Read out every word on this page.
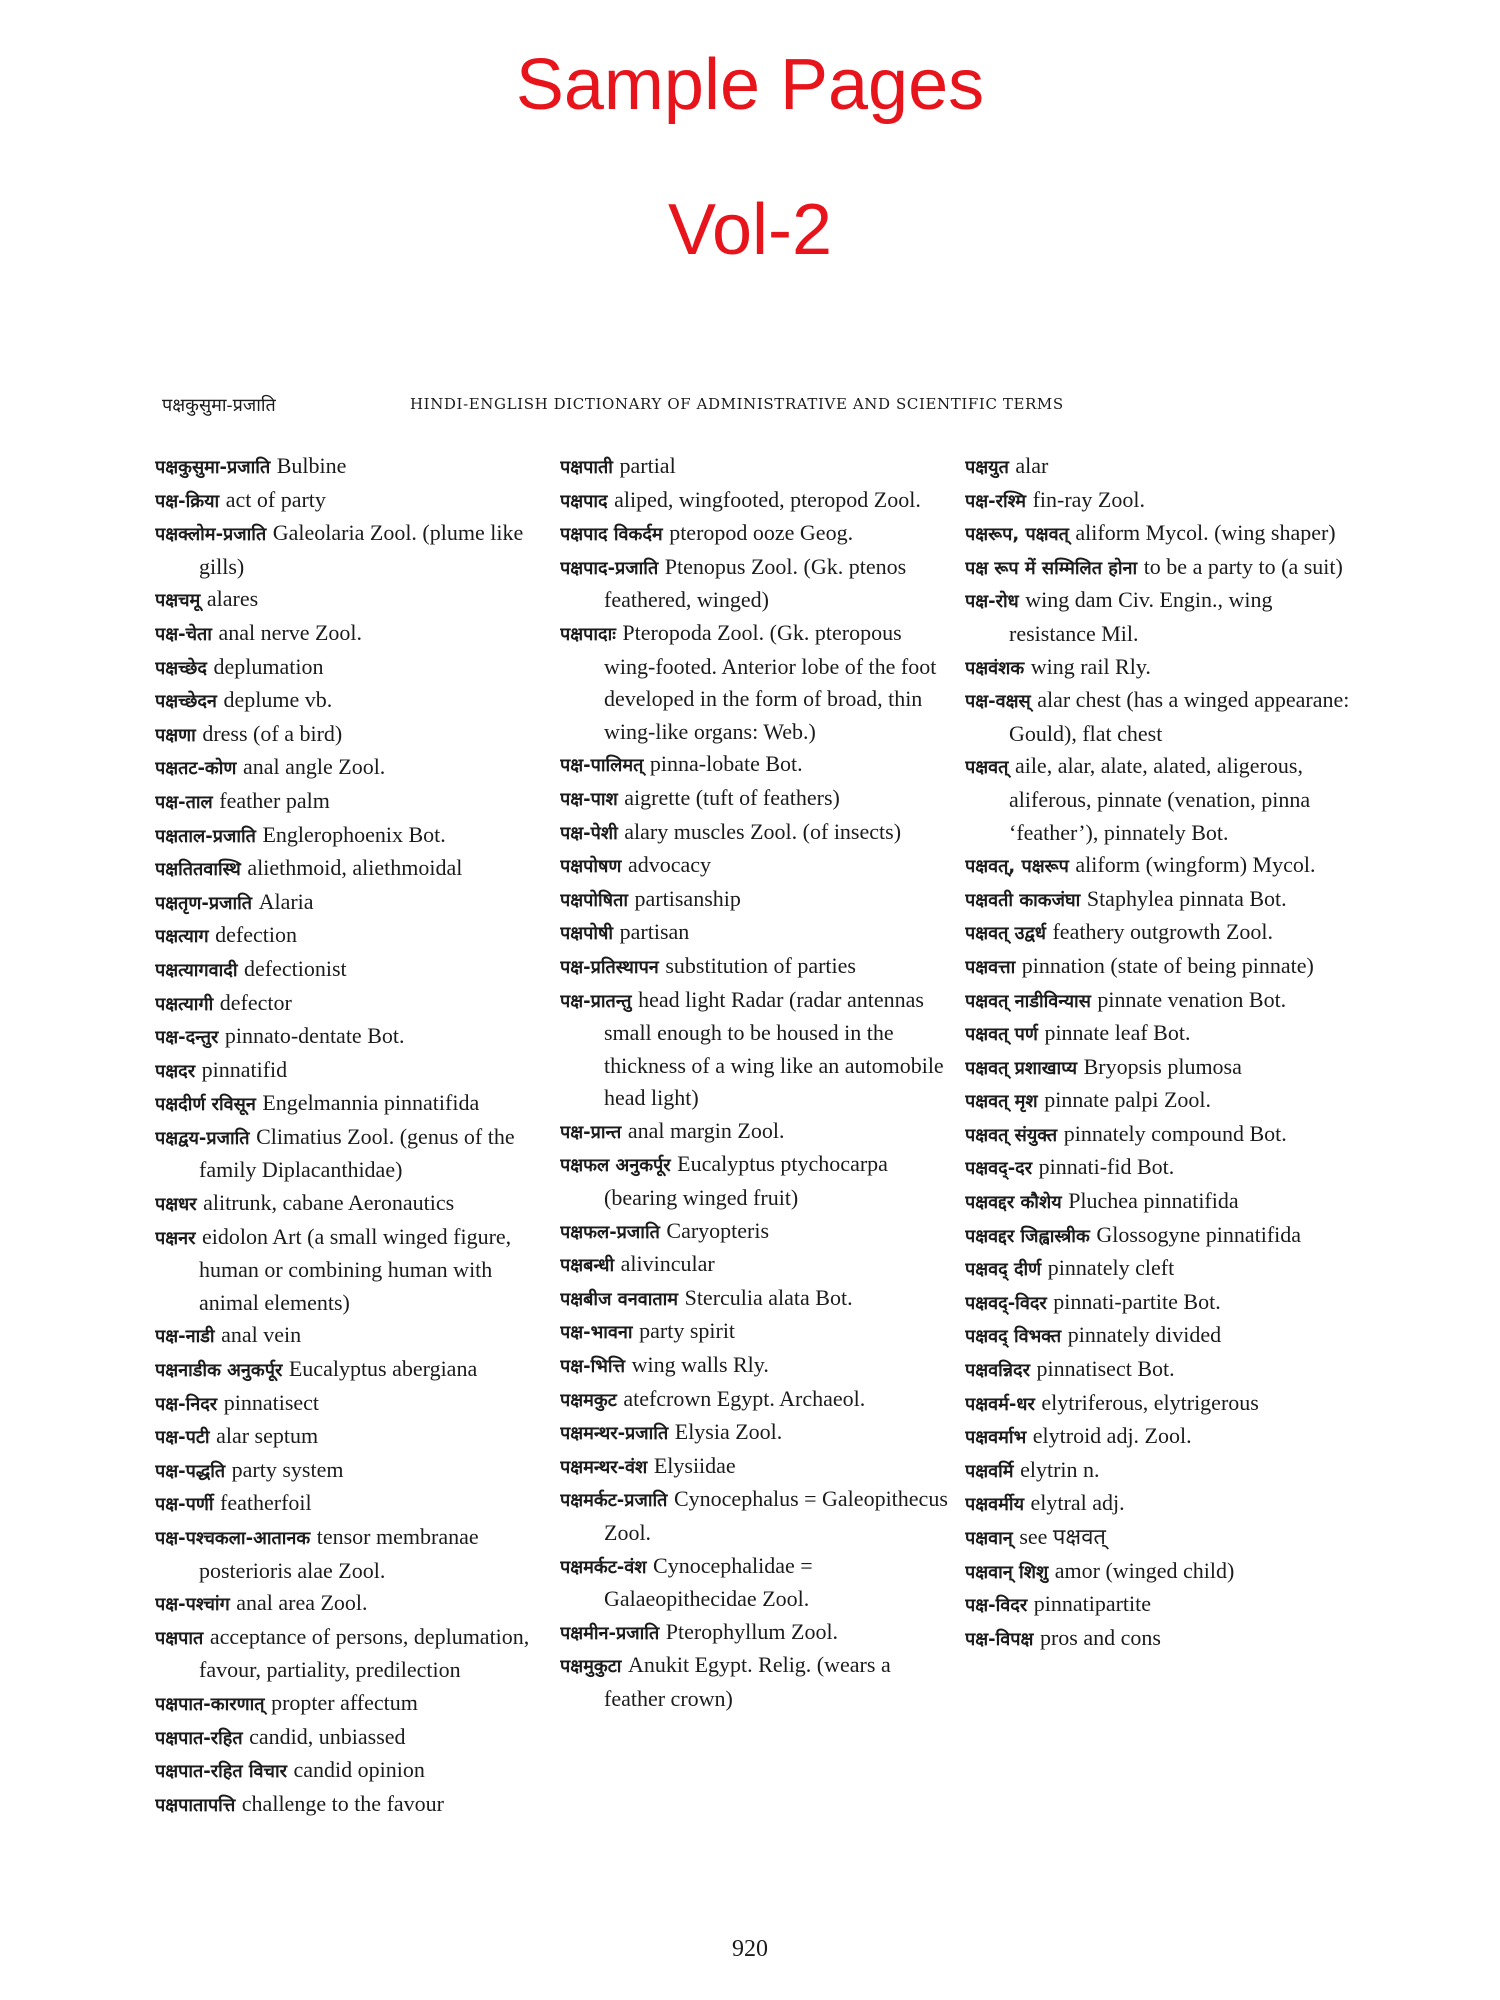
Sample Pages
Vol-2
पक्षकुसुमा-प्रजाति	HINDI-ENGLISH DICTIONARY OF ADMINISTRATIVE AND SCIENTIFIC TERMS
पक्षकुसुमा-प्रजाति Bulbine
पक्ष-क्रिया act of party
पक्षक्लोम-प्रजाति Galeolaria Zool. (plume like gills)
पक्षचमू alares
पक्ष-चेता anal nerve Zool.
पक्षच्छेद deplumation
पक्षच्छेदन deplume vb.
पक्षणा dress (of a bird)
पक्षतट-कोण anal angle Zool.
पक्ष-ताल feather palm
पक्षताल-प्रजाति Englerophoenix Bot.
पक्षतितवास्थि aliethmoid, aliethmoidal
पक्षतृण-प्रजाति Alaria
पक्षत्याग defection
पक्षत्यागवादी defectionist
पक्षत्यागी defector
पक्ष-दन्तुर pinnato-dentate Bot.
पक्षदर pinnatifid
पक्षदीर्ण रविसून Engelmannia pinnatifida
पक्षद्वय-प्रजाति Climatius Zool. (genus of the family Diplacanthidae)
पक्षधर alitrunk, cabane Aeronautics
पक्षनर eidolon Art (a small winged figure, human or combining human with animal elements)
पक्ष-नाडी anal vein
पक्षनाडीक अनुकर्पूर Eucalyptus abergiana
पक्ष-निदर pinnatisect
पक्ष-पटी alar septum
पक्ष-पद्धति party system
पक्ष-पर्णी featherfoil
पक्ष-पश्चकला-आतानक tensor membranae posterioris alae Zool.
पक्ष-पश्चांग anal area Zool.
पक्षपात acceptance of persons, deplumation, favour, partiality, predilection
पक्षपात-कारणात् propter affectum
पक्षपात-रहित candid, unbiassed
पक्षपात-रहित विचार candid opinion
पक्षपातापत्ति challenge to the favour
पक्षपाती partial
पक्षपाद aliped, wingfooted, pteropod Zool.
पक्षपाद विकर्दम pteropod ooze Geog.
पक्षपाद-प्रजाति Ptenopus Zool. (Gk. ptenos feathered, winged)
पक्षपादाः Pteropoda Zool. (Gk. pteropous wing-footed. Anterior lobe of the foot developed in the form of broad, thin wing-like organs: Web.)
पक्ष-पालिमत् pinna-lobate Bot.
पक्ष-पाश aigrette (tuft of feathers)
पक्ष-पेशी alary muscles Zool. (of insects)
पक्षपोषण advocacy
पक्षपोषिता partisanship
पक्षपोषी partisan
पक्ष-प्रतिस्थापन substitution of parties
पक्ष-प्रातन्तु head light Radar (radar antennas small enough to be housed in the thickness of a wing like an automobile head light)
पक्ष-प्रान्त anal margin Zool.
पक्षफल अनुकर्पूर Eucalyptus ptychocarpa (bearing winged fruit)
पक्षफल-प्रजाति Caryopteris
पक्षबन्धी alivincular
पक्षबीज वनवाताम Sterculia alata Bot.
पक्ष-भावना party spirit
पक्ष-भित्ति wing walls Rly.
पक्षमकुट atefcrown Egypt. Archaeol.
पक्षमन्थर-प्रजाति Elysia Zool.
पक्षमन्थर-वंश Elysiidae
पक्षमर्कट-प्रजाति Cynocephalus = Galeopithecus Zool.
पक्षमर्कट-वंश Cynocephalidae = Galaeopithecidae Zool.
पक्षमीन-प्रजाति Pterophyllum Zool.
पक्षमुकुटा Anukit Egypt. Relig. (wears a feather crown)
पक्षयुत alar
पक्ष-रश्मि fin-ray Zool.
पक्षरूप, पक्षवत् aliform Mycol. (wing shaper)
पक्ष रूप में सम्मिलित होना to be a party to (a suit)
पक्ष-रोध wing dam Civ. Engin., wing resistance Mil.
पक्षवंशक wing rail Rly.
पक्ष-वक्षस् alar chest (has a winged appearane: Gould), flat chest
पक्षवत् aile, alar, alate, alated, aligerous, aliferous, pinnate (venation, pinna ‘feather’), pinnately Bot.
पक्षवत्, पक्षरूप aliform (wingform) Mycol.
पक्षवती काकजंघा Staphylea pinnata Bot.
पक्षवत् उद्वर्ध feathery outgrowth Zool.
पक्षवत्ता pinnation (state of being pinnate)
पक्षवत् नाडीविन्यास pinnate venation Bot.
पक्षवत् पर्ण pinnate leaf Bot.
पक्षवत् प्रशाखाप्य Bryopsis plumosa
पक्षवत् मृश pinnate palpi Zool.
पक्षवत् संयुक्त pinnately compound Bot.
पक्षवद्-दर pinnati-fid Bot.
पक्षवद्दर कौशेय Pluchea pinnatifida
पक्षवद्दर जिह्वास्त्रीक Glossogyne pinnatifida
पक्षवद् दीर्ण pinnately cleft
पक्षवद्-विदर pinnati-partite Bot.
पक्षवद् विभक्त pinnately divided
पक्षवन्निदर pinnatisect Bot.
पक्षवर्म-धर elytriferous, elytrigerous
पक्षवर्माभ elytroid adj. Zool.
पक्षवर्मि elytrin n.
पक्षवर्मीय elytral adj.
पक्षवान् see पक्षवत्
पक्षवान् शिशु amor (winged child)
पक्ष-विदर pinnatipartite
पक्ष-विपक्ष pros and cons
920
